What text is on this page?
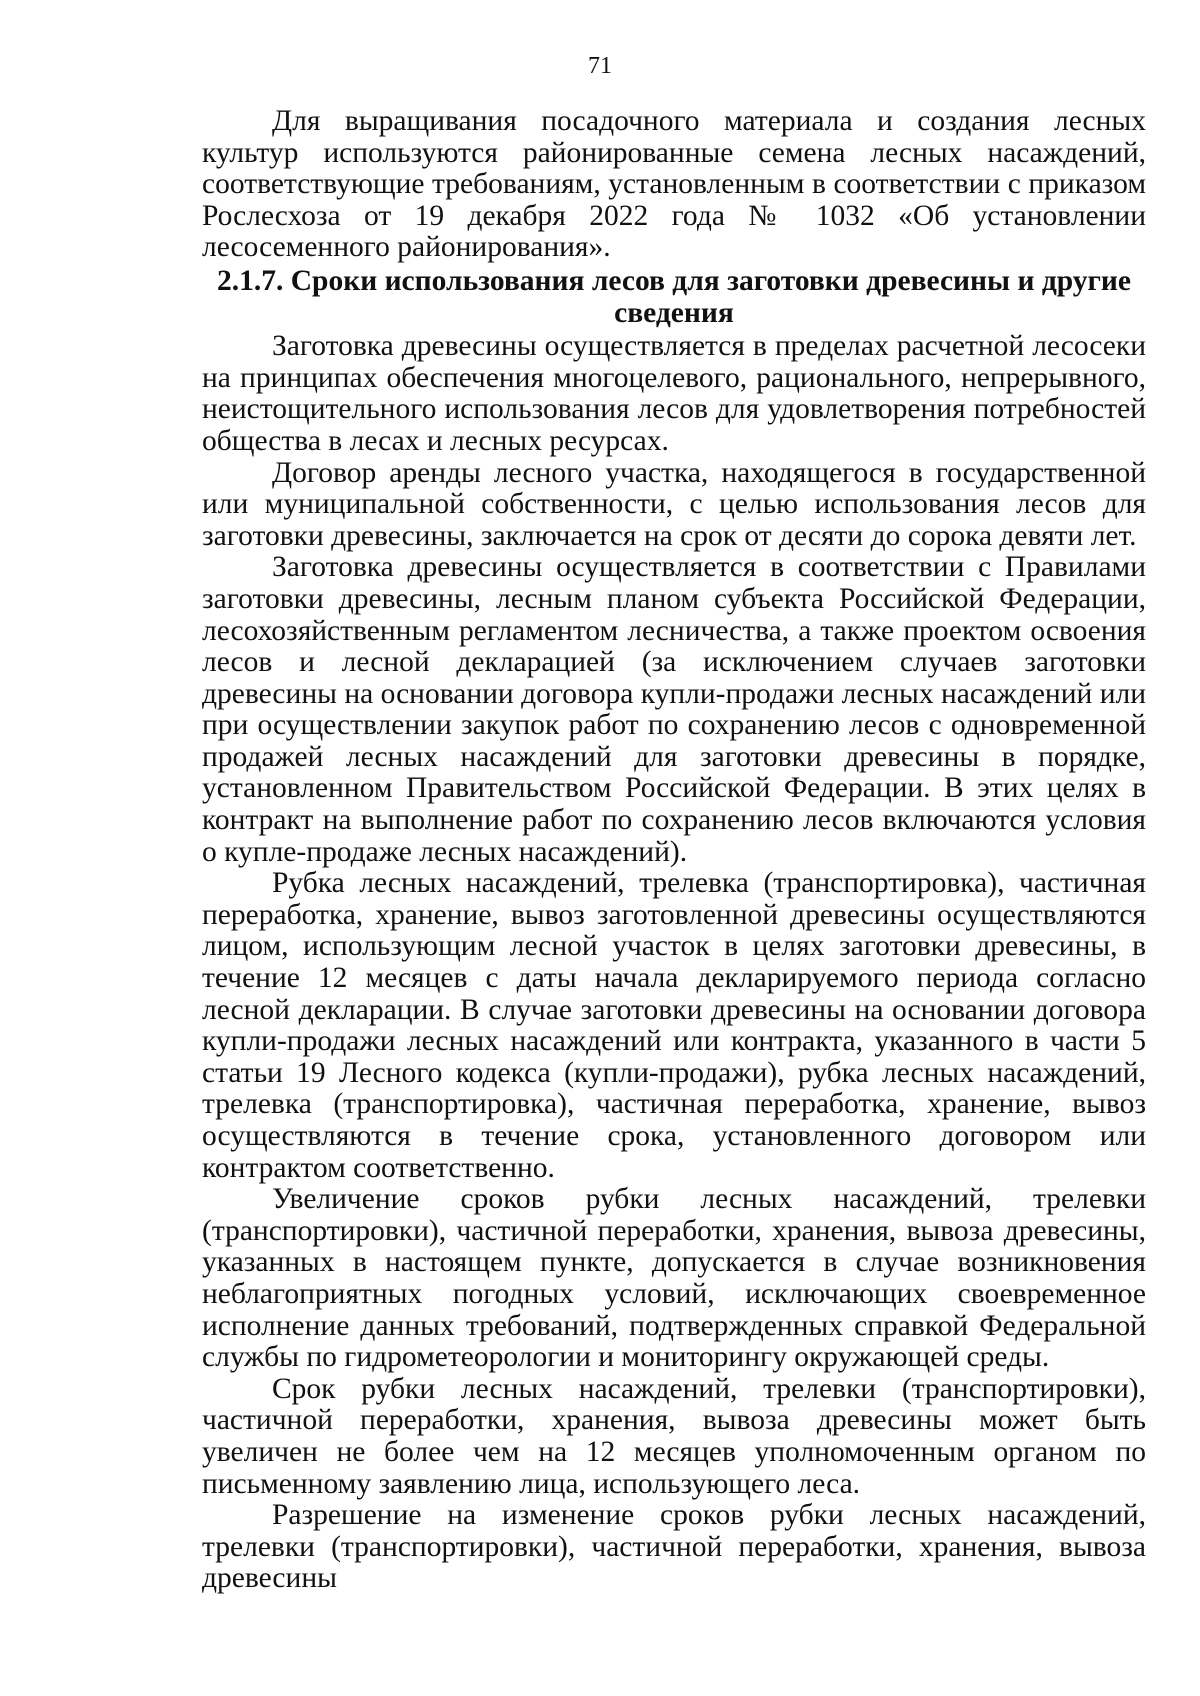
71

Для выращивания посадочного материала и создания лесных культур используются районированные семена лесных насаждений, соответствующие требованиям, установленным в соответствии с приказом Рослесхоза от 19 декабря 2022 года № 1032 «Об установлении лесосеменного районирования».

2.1.7. Сроки использования лесов для заготовки древесины и другие
сведения

Заготовка древесины осуществляется в пределах расчетной лесосеки на принципах обеспечения многоцелевого, рационального, непрерывного, неистощительного использования лесов для удовлетворения потребностей общества в лесах и лесных ресурсах.

Договор аренды лесного участка, находящегося в государственной или муниципальной собственности, с целью использования лесов для заготовки древесины, заключается на срок от десяти до сорока девяти лет.

Заготовка древесины осуществляется в соответствии с Правилами заготовки древесины, лесным планом субъекта Российской Федерации, лесохозяйственным регламентом лесничества, а также проектом освоения лесов и лесной декларацией (за исключением случаев заготовки древесины на основании договора купли-продажи лесных насаждений или при осуществлении закупок работ по сохранению лесов с одновременной продажей лесных насаждений для заготовки древесины в порядке, установленном Правительством Российской Федерации. В этих целях в контракт на выполнение работ по сохранению лесов включаются условия о купле-продаже лесных насаждений).

Рубка лесных насаждений, трелевка (транспортировка), частичная переработка, хранение, вывоз заготовленной древесины осуществляются лицом, использующим лесной участок в целях заготовки древесины, в течение 12 месяцев с даты начала декларируемого периода согласно лесной декларации. В случае заготовки древесины на основании договора купли-продажи лесных насаждений или контракта, указанного в части 5 статьи 19 Лесного кодекса (купли-продажи), рубка лесных насаждений, трелевка (транспортировка), частичная переработка, хранение, вывоз осуществляются в течение срока, установленного договором или контрактом соответственно.

Увеличение сроков рубки лесных насаждений, трелевки (транспортировки), частичной переработки, хранения, вывоза древесины, указанных в настоящем пункте, допускается в случае возникновения неблагоприятных погодных условий, исключающих своевременное исполнение данных требований, подтвержденных справкой Федеральной службы по гидрометеорологии и мониторингу окружающей среды.

Срок рубки лесных насаждений, трелевки (транспортировки), частичной переработки, хранения, вывоза древесины может быть увеличен не более чем на 12 месяцев уполномоченным органом по письменному заявлению лица, использующего леса.

Разрешение на изменение сроков рубки лесных насаждений, трелевки (транспортировки), частичной переработки, хранения, вывоза древесины
